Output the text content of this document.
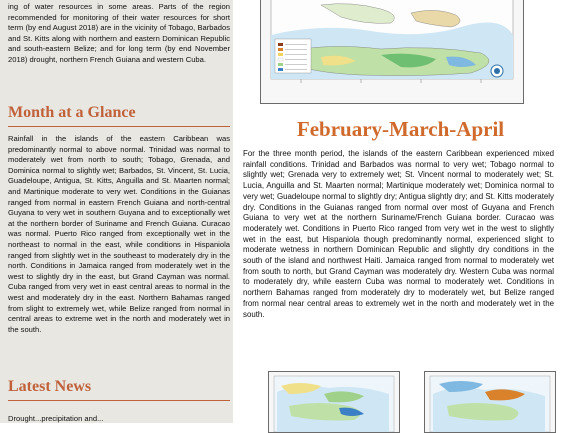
ing of water resources in some areas. Parts of the region recommended for monitoring of their water resources for short term (by end August 2018) are in the vicinity of Tobago, Barbados and St. Kitts along with northern and eastern Dominican Republic and south-eastern Belize; and for long term (by end November 2018) drought, northern French Guiana and western Cuba.

Month at a Glance

Rainfall in the islands of the eastern Caribbean was predominantly normal to above normal. Trinidad was normal to moderately wet from north to south; Tobago, Grenada, and Dominica normal to slightly wet; Barbados, St. Vincent, St. Lucia, Guadeloupe, Antigua, St. Kitts, Anguilla and St. Maarten normal; and Martinique moderate to very wet. Conditions in the Guianas ranged from normal in eastern French Guiana and north-central Guyana to very wet in southern Guyana and to exceptionally wet at the northern border of Suriname and French Guiana. Curacao was normal. Puerto Rico ranged from exceptionally wet in the northeast to normal in the east, while conditions in Hispaniola ranged from slightly wet in the southeast to moderately dry in the north. Conditions in Jamaica ranged from moderately wet in the west to slightly dry in the east, but Grand Cayman was normal. Cuba ranged from very wet in east central areas to normal in the west and moderately dry in the east. Northern Bahamas ranged from slight to extremely wet, while Belize ranged from normal in central areas to extreme wet in the north and moderately wet in the south.

Latest News

Drought...precipitation and...

February-March-April

For the three month period, the islands of the eastern Caribbean experienced mixed rainfall conditions. Trinidad and Barbados was normal to very wet; Tobago normal to slightly wet; Grenada very to extremely wet; St. Vincent normal to moderately wet; St. Lucia, Anguilla and St. Maarten normal; Martinique moderately wet; Dominica normal to very wet; Guadeloupe normal to slightly dry; Antigua slightly dry; and St. Kitts moderately dry. Conditions in the Guianas ranged from normal over most of Guyana and French Guiana to very wet at the northern Suriname/French Guiana border. Curacao was moderately wet. Conditions in Puerto Rico ranged from very wet in the west to slightly wet in the east, but Hispaniola though predominantly normal, experienced slight to moderate wetness in northern Dominican Republic and slightly dry conditions in the south of the island and northwest Haiti. Jamaica ranged from normal to moderately wet from south to north, but Grand Cayman was moderately dry. Western Cuba was normal to moderately dry, while eastern Cuba was normal to moderately wet. Conditions in northern Bahamas ranged from moderately dry to moderately wet, but Belize ranged from normal near central areas to extremely wet in the north and moderately wet in the south.
